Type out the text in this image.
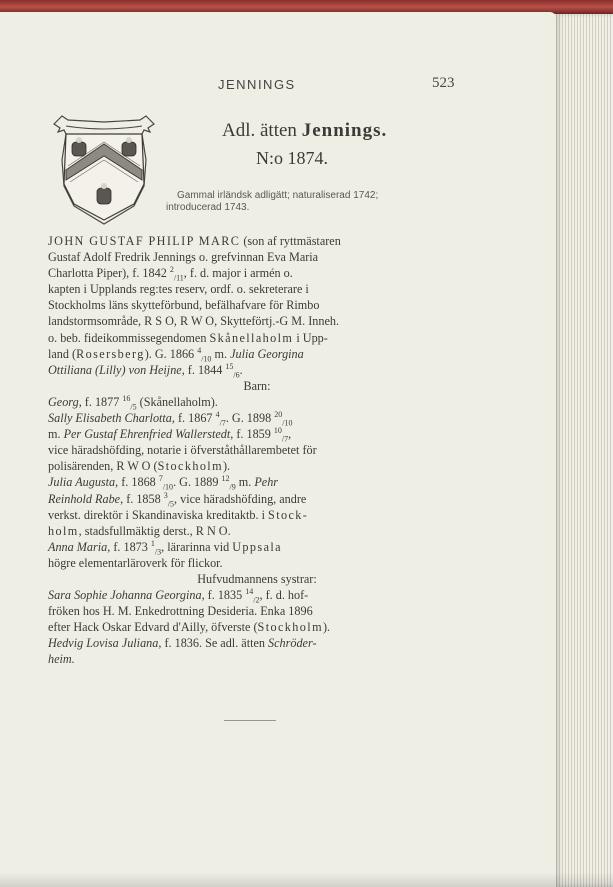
JENNINGS	523
Adl. ätten Jennings.
N:o 1874.
Gammal irländsk adligätt; naturaliserad 1742;
introducerad 1743.
JOHN GUSTAF PHILIP MARC (son af ryttmästaren
Gustaf Adolf Fredrik Jennings o. grefvinnan Eva Maria
Charlotta Piper), f. 1842 $^2_{/11}$, f. d. major i armén o.
kapten i Upplands reg:tes reserv, ordf. o. sekreterare i
Stockholms läns skytteförbund, befälhafvare för Rimbo
landstormsområde, R S O, R W O, Skytteförtj.-G M. Inneh.
o. beb. fideikommissegendomen Skånellaholm i Upp-
land (Rosersberg). G. 1866 $^4_{/10}$ m. Julia Georgina
Ottiliana (Lilly) von Heijne, f. 1844 $^{15}_{/6}$.
Barn:
Georg, f. 1877 $^{16}_{/5}$ (Skånellaholm).
Sally Elisabeth Charlotta, f. 1867 $^4_{/7}$. G. 1898 $^{20}_{/10}$
m. Per Gustaf Ehrenfried Wallerstedt, f. 1859 $^{10}_{/7}$,
vice häradshöfding, notarie i öfverståthållarembetet för
polisärenden, R W O (Stockholm).
Julia Augusta, f. 1868 $^7_{/10}$. G. 1889 $^{12}_{/9}$ m. Pehr
Reinhold Rabe, f. 1858 $^3_{/5}$, vice häradshöfding, andre
verkst. direktör i Skandinaviska kreditaktb. i Stock-
holm, stadsfullmäktig derst., R N O.
Anna Maria, f. 1873 $^1_{/3}$, lärarinna vid Uppsala
högre elementarläroverk för flickor.
Hufvudmannens systrar:
Sara Sophie Johanna Georgina, f. 1835 $^{14}_{/2}$, f. d. hof-
fröken hos H. M. Enkedrottning Desideria. Enka 1896
efter Hack Oskar Edvard d'Ailly, öfverste (Stockholm).
Hedvig Lovisa Juliana, f. 1836. Se adl. ätten Schröder-
heim.
